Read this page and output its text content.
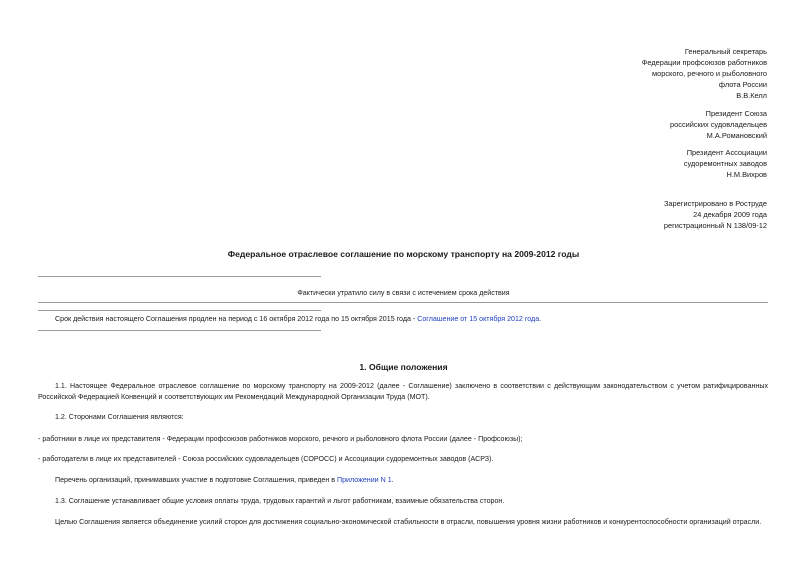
Генеральный секретарь
Федерации профсоюзов работников
морского, речного и рыболовного
флота России
В.В.Келл
Президент Союза
российских судовладельцев
М.А.Романовский
Президент Ассоциации
судоремонтных заводов
Н.М.Вихров
Зарегистрировано в Роструде
24 декабря 2009 года
регистрационный N 138/09-12
Федеральное отраслевое соглашение по морскому транспорту на 2009-2012 годы
Фактически утратило силу в связи с истечением срока действия
Срок действия настоящего Соглашения продлен на период с 16 октября 2012 года по 15 октября 2015 года - Соглашение от 15 октября 2012 года.
1. Общие положения
1.1. Настоящее Федеральное отраслевое соглашение по морскому транспорту на 2009-2012 (далее - Соглашение) заключено в соответствии с действующим законодательством с учетом ратифицированных Российской Федерацией Конвенций и соответствующих им Рекомендаций Международной Организации Труда (МОТ).
1.2. Сторонами Соглашения являются:
- работники в лице их представителя - Федерации профсоюзов работников морского, речного и рыболовного флота России (далее - Профсоюзы);
- работодатели в лице их представителей - Союза российских судовладельцев (СОРОСС) и Ассоциации судоремонтных заводов (АСРЗ).
Перечень организаций, принимавших участие в подготовке Соглашения, приведен в Приложении N 1.
1.3. Соглашение устанавливает общие условия оплаты труда, трудовых гарантий и льгот работникам, взаимные обязательства сторон.
Целью Соглашения является объединение усилий сторон для достижения социально-экономической стабильности в отрасли, повышения уровня жизни работников и конкурентоспособности организаций отрасли.
